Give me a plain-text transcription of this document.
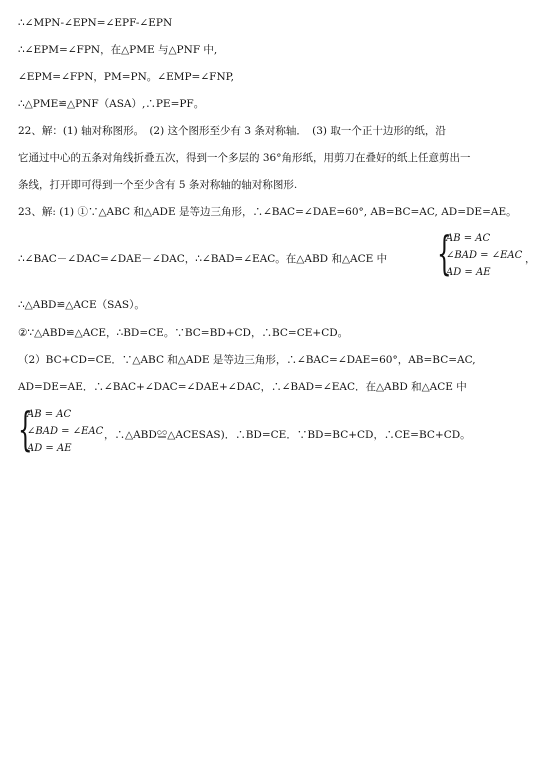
∴∠MPN-∠EPN=∠EPF-∠EPN
∴∠EPM=∠FPN，在△PME 与△PNF 中,
∠EPM=∠FPN，PM=PN。∠EMP=∠FNP,
∴△PME≌△PNF（ASA）,∴PE=PF。
22、解：(1) 轴对称图形。　(2) 这个图形至少有 3 条对称轴．　(3) 取一个正十边形的纸，沿
它通过中心的五条对角线折叠五次，得到一个多层的 36°角形纸，用剪刀在叠好的纸上任意剪出一
条线，打开即可得到一个至少含有 5 条对称轴的轴对称图形.
23、解: (1) ①∵△ABC 和△ADE 是等边三角形，∴∠BAC=∠DAE=60°, AB=BC=AC, AD=DE=AE。
∴∠BAC－∠DAC=∠DAE－∠DAC，∴∠BAD=∠EAC。在△ABD 和△ACE 中 {
AB = AC
∠BAD = ∠EAC
AD = AE
，
∴△ABD≌△ACE（SAS）。
②∵△ABD≌△ACE，∴BD=CE。∵BC=BD+CD，∴BC=CE+CD。
（2）BC+CD=CE．∵△ABC 和△ADE 是等边三角形，∴∠BAC=∠DAE=60°，AB=BC=AC,
AD=DE=AE．∴∠BAC+∠DAC=∠DAE+∠DAC，∴∠BAD=∠EAC．在△ABD 和△ACE 中
{
AB = AC
∠BAD = ∠EAC
AD = AE
，∴△ABD≌△ACESAS)．∴BD=CE．∵BD=BC+CD，∴CE=BC+CD。
